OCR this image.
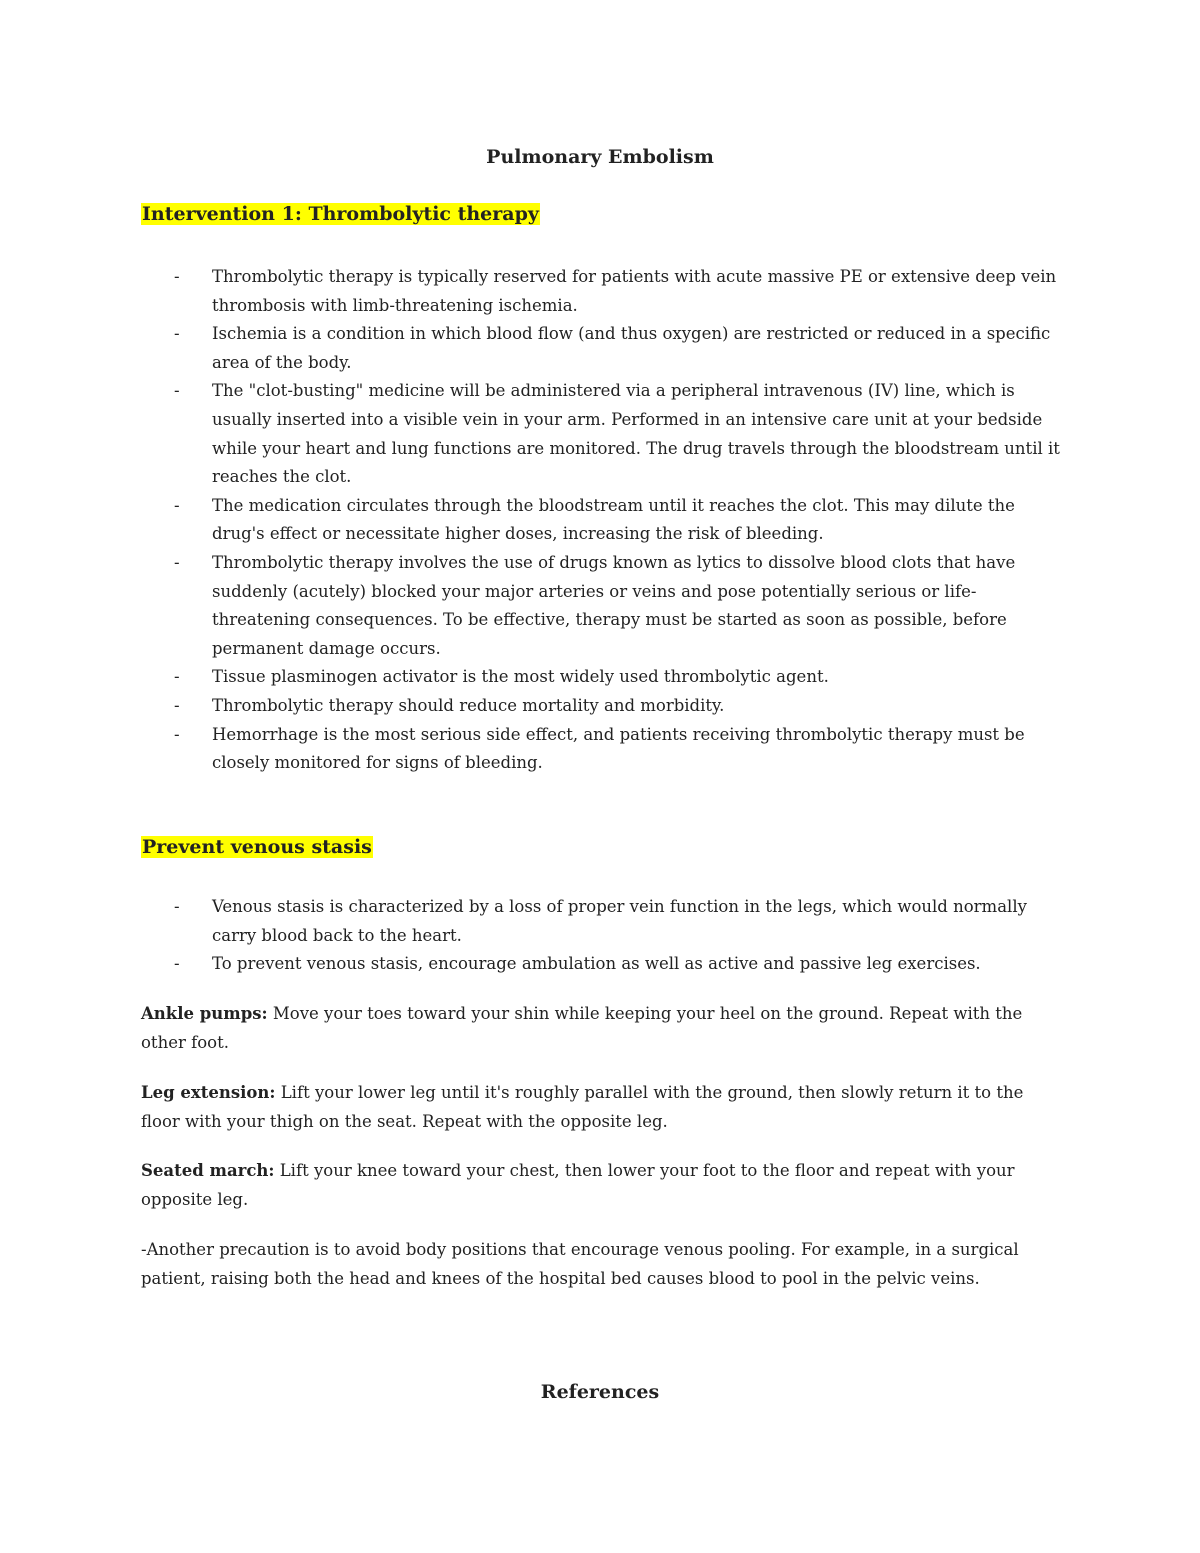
Pulmonary Embolism
Intervention 1: Thrombolytic therapy
- Thrombolytic therapy is typically reserved for patients with acute massive PE or extensive deep vein thrombosis with limb-threatening ischemia.
- Ischemia is a condition in which blood flow (and thus oxygen) are restricted or reduced in a specific area of the body.
- The "clot-busting" medicine will be administered via a peripheral intravenous (IV) line, which is usually inserted into a visible vein in your arm. Performed in an intensive care unit at your bedside while your heart and lung functions are monitored. The drug travels through the bloodstream until it reaches the clot.
- The medication circulates through the bloodstream until it reaches the clot. This may dilute the drug's effect or necessitate higher doses, increasing the risk of bleeding.
- Thrombolytic therapy involves the use of drugs known as lytics to dissolve blood clots that have suddenly (acutely) blocked your major arteries or veins and pose potentially serious or life-threatening consequences. To be effective, therapy must be started as soon as possible, before permanent damage occurs.
- Tissue plasminogen activator is the most widely used thrombolytic agent.
- Thrombolytic therapy should reduce mortality and morbidity.
- Hemorrhage is the most serious side effect, and patients receiving thrombolytic therapy must be closely monitored for signs of bleeding.
Prevent venous stasis
- Venous stasis is characterized by a loss of proper vein function in the legs, which would normally carry blood back to the heart.
- To prevent venous stasis, encourage ambulation as well as active and passive leg exercises.

Ankle pumps: Move your toes toward your shin while keeping your heel on the ground. Repeat with the other foot.

Leg extension: Lift your lower leg until it's roughly parallel with the ground, then slowly return it to the floor with your thigh on the seat. Repeat with the opposite leg.

Seated march: Lift your knee toward your chest, then lower your foot to the floor and repeat with your opposite leg.

-Another precaution is to avoid body positions that encourage venous pooling. For example, in a surgical patient, raising both the head and knees of the hospital bed causes blood to pool in the pelvic veins.

References
